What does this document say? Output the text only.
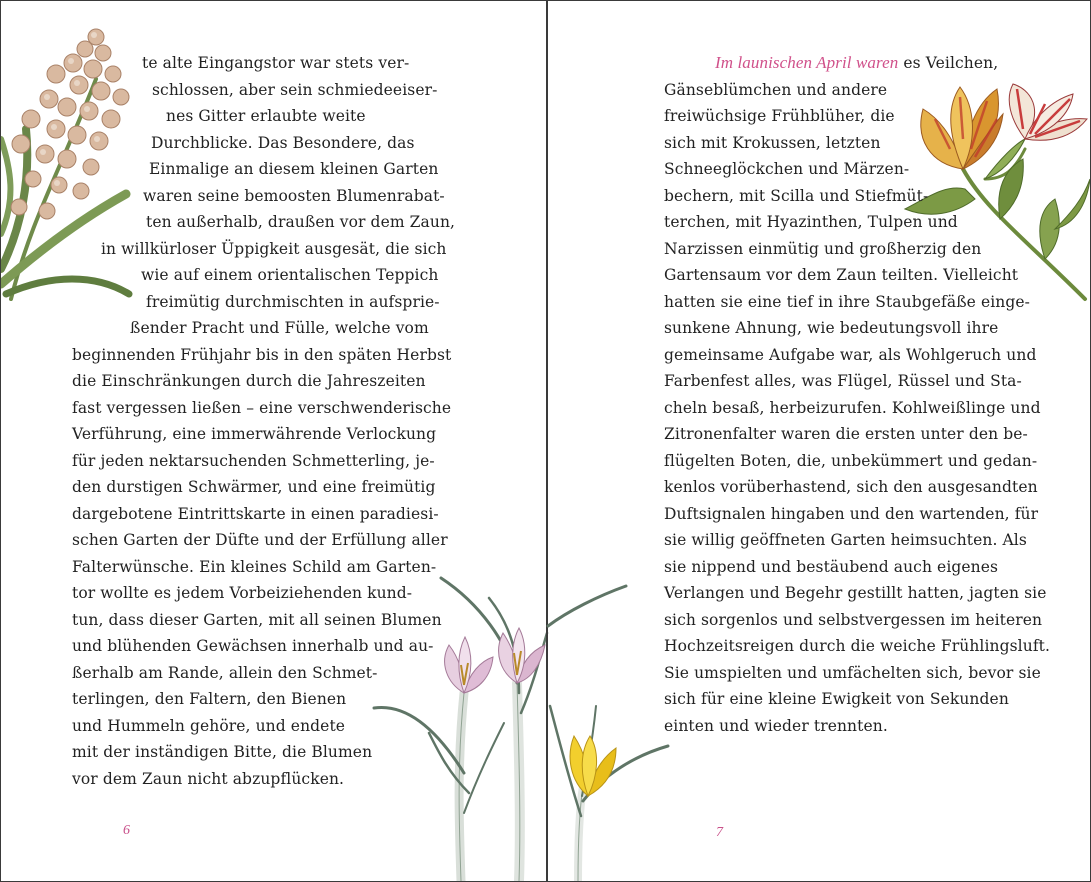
te alte Eingangstor war stets ver-
schlossen, aber sein schmiedeeiser-
nes Gitter erlaubte weite
Durchblicke. Das Besondere, das
Einmalige an diesem kleinen Garten
waren seine bemoosten Blumenrabat-
ten außerhalb, draußen vor dem Zaun,
in willkürloser Üppigkeit ausgesät, die sich
wie auf einem orientalischen Teppich
freimütig durchmischten in aufsprie-
ßender Pracht und Fülle, welche vom
beginnenden Frühjahr bis in den späten Herbst
die Einschränkungen durch die Jahreszeiten
fast vergessen ließen – eine verschwenderische
Verführung, eine immerwährende Verlockung
für jeden nektarsuchenden Schmetterling, je-
den durstigen Schwärmer, und eine freimütig
dargebotene Eintrittskarte in einen paradiesi-
schen Garten der Düfte und der Erfüllung aller
Falterwünsche. Ein kleines Schild am Garten-
tor wollte es jedem Vorbeiziehenden kund-
tun, dass dieser Garten, mit all seinen Blumen
und blühenden Gewächsen innerhalb und au-
ßerhalb am Rande, allein den Schmet-
terlingen, den Faltern, den Bienen
und Hummeln gehöre, und endete
mit der inständigen Bitte, die Blumen
vor dem Zaun nicht abzupflücken.
6
Im launischen April waren es Veilchen,
Gänseblümchen und andere
freiwüchsige Frühblüher, die
sich mit Krokussen, letzten
Schneeglöckchen und Märzen-
bechern, mit Scilla und Stiefmüt-
terchen, mit Hyazinthen, Tulpen und
Narzissen einmütig und großherzig den
Gartensaum vor dem Zaun teilten. Vielleicht
hatten sie eine tief in ihre Staubgefäße einge-
sunkene Ahnung, wie bedeutungsvoll ihre
gemeinsame Aufgabe war, als Wohlgeruch und
Farbenfest alles, was Flügel, Rüssel und Sta-
cheln besaß, herbeizurufen. Kohlweißlinge und
Zitronenfalter waren die ersten unter den be-
flügelten Boten, die, unbekümmert und gedan-
kenlos vorüberhastend, sich den ausgesandten
Duftsignalen hingaben und den wartenden, für
sie willig geöffneten Garten heimsuchten. Als
sie nippend und bestäubend auch eigenes
Verlangen und Begehr gestillt hatten, jagten sie
sich sorgenlos und selbstvergessen im heiteren
Hochzeitsreigen durch die weiche Frühlingsluft.
Sie umspielten und umfächelten sich, bevor sie
sich für eine kleine Ewigkeit von Sekunden
einten und wieder trennten.
7
